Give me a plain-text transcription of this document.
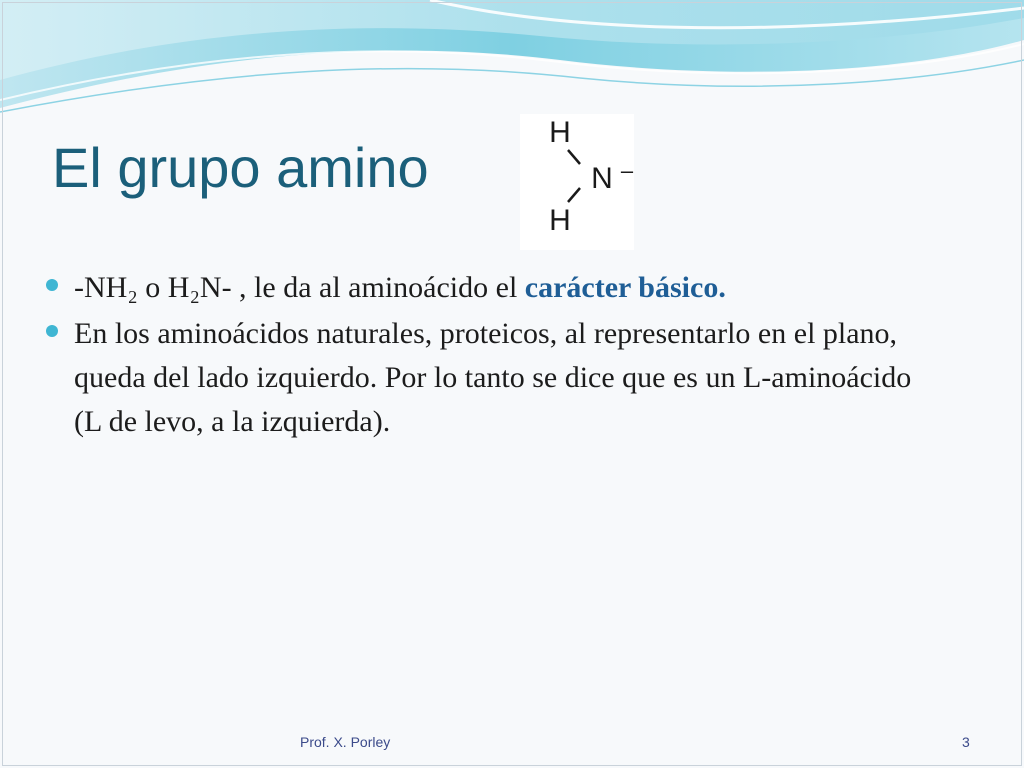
El grupo amino
H
N –
H
-NH₂ o H₂N- , le da al aminoácido el carácter básico.
En los aminoácidos naturales, proteicos, al representarlo en el plano, queda del lado izquierdo. Por lo tanto se dice que es un L-aminoácido (L de levo, a la izquierda).
Prof. X. Porley	3
